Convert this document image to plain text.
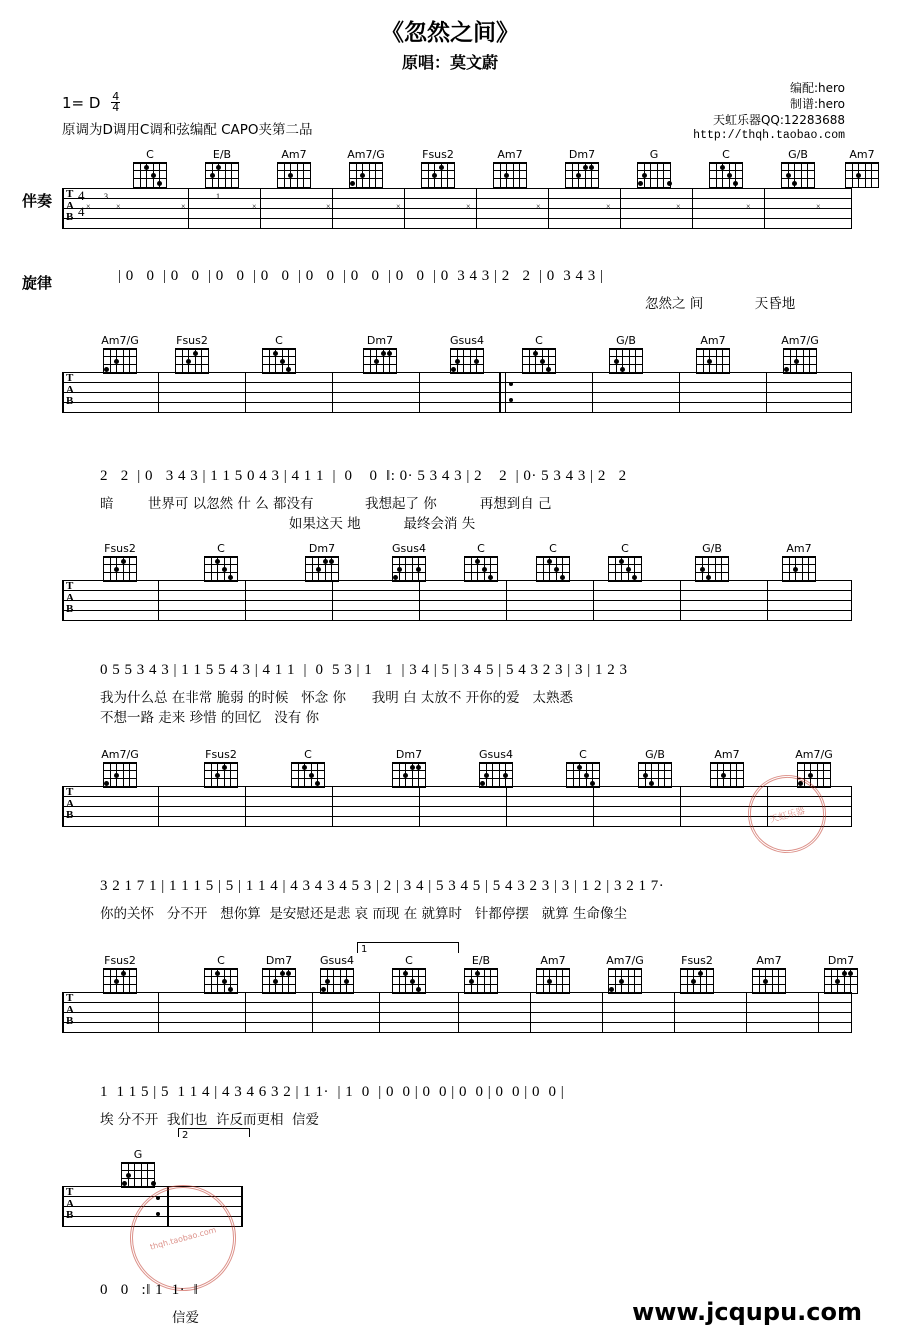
《忽然之间》
原唱：莫文蔚
编配:hero
制谱:hero
天虹乐器QQ:12283688
http://thqh.taobao.com
1= D $\frac{4}{4}$
原调为D调用C调和弦编配 CAPO夹第二品
伴奏
旋律
C	E/B	Am7	Am7/G	Fsus2	Am7	Dm7	G	C	G/B	Am7
T
A
B
4
4 ×
3
×	×
1
×	×	×	×	×	×	×	×	×
| 0   0  | 0   0  | 0   0  | 0   0  | 0   0  | 0   0  | 0   0  | 0  3 4 3 | 2   2  | 0  3 4 3 |
忽然之 间            天昏地
Am7/G	Fsus2	C	Dm7	Gsus4	C	G/B	Am7	Am7/G
T
A
B
2   2  | 0   3 4 3 | 1 1 5 0 4 3 | 4 1 1  |  0    0  ‖: 0· 5 3 4 3 | 2    2  | 0· 5 3 4 3 | 2   2
暗        世界可 以忽然 什 么 都没有            我想起了 你          再想到自 己
如果这天 地          最终会消 失
Fsus2	C	Dm7	Gsus4	C	C	C	G/B	Am7
T
A
B
0 5 5 3 4 3 | 1 1 5 5 4 3 | 4 1 1  |  0  5 3 | 1   1  | 3 4 | 5 | 3 4 5 | 5 4 3 2 3 | 3 | 1 2 3
我为什么总 在非常 脆弱 的时候   怀念 你      我明 白 太放不 开你的爱   太熟悉
不想一路 走来 珍惜 的回忆   没有 你
Am7/G	Fsus2	C	Dm7	Gsus4	C	G/B	Am7	Am7/G
T
A
B	天虹乐器
3 2 1 7 1 | 1 1 1 5 | 5 | 1 1 4 | 4 3 4 3 4 5 3 | 2 | 3 4 | 5 3 4 5 | 5 4 3 2 3 | 3 | 1 2 | 3 2 1 7·
你的关怀   分不开   想你算  是安慰还是悲 哀 而现 在 就算时   针都停摆   就算 生命像尘
1
Fsus2	C	Dm7	Gsus4	C	E/B	Am7	Am7/G	Fsus2	Am7	Dm7
T
A
B
1  1 1 5 | 5  1 1 4 | 4 3 4 6 3 2 | 1 1·  | 1  0  | 0  0 | 0  0 | 0  0 | 0  0 | 0  0 |
埃 分不开  我们也  许反而更相  信爱
2
G
T
A
B
thqh.taobao.com
0   0   :‖ 1  1·  ‖
信爱	www.jcqupu.com
